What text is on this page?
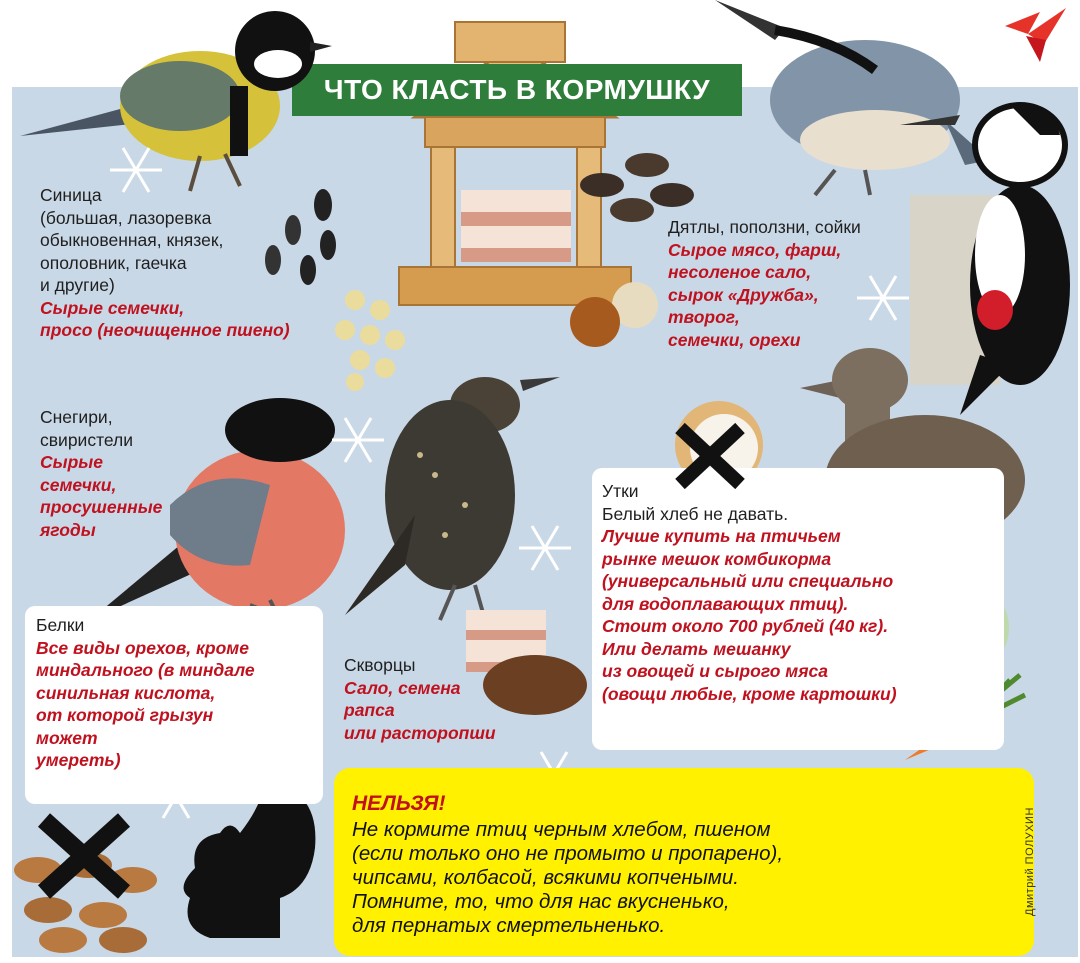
ЧТО КЛАСТЬ В КОРМУШКУ
Синица
(большая, лазоревка
обыкновенная, князек,
ополовник, гаечка
и другие)
Сырые семечки,
просо (неочищенное пшено)
Дятлы, поползни, сойки
Сырое мясо, фарш,
несоленое сало,
сырок «Дружба»,
творог,
семечки, орехи
Снегири,
свиристели
Сырые
семечки,
просушенные
ягоды
Утки
Белый хлеб не давать.
Лучше купить на птичьем
рынке мешок комбикорма
(универсальный или специально
для водоплавающих птиц).
Стоит около 700 рублей (40 кг).
Или делать мешанку
из овощей и сырого мяса
(овощи любые, кроме картошки)
Белки
Все виды орехов, кроме
миндального (в миндале
синильная кислота,
от которой грызун
может
умереть)
Скворцы
Сало, семена
рапса
или расторопши
НЕЛЬЗЯ!
Не кормите птиц черным хлебом, пшеном
(если только оно не промыто и пропарено),
чипсами, колбасой, всякими копчеными.
Помните, то, что для нас вкусненько,
для пернатых смертельненько.
Дмитрий ПОЛУХИН
